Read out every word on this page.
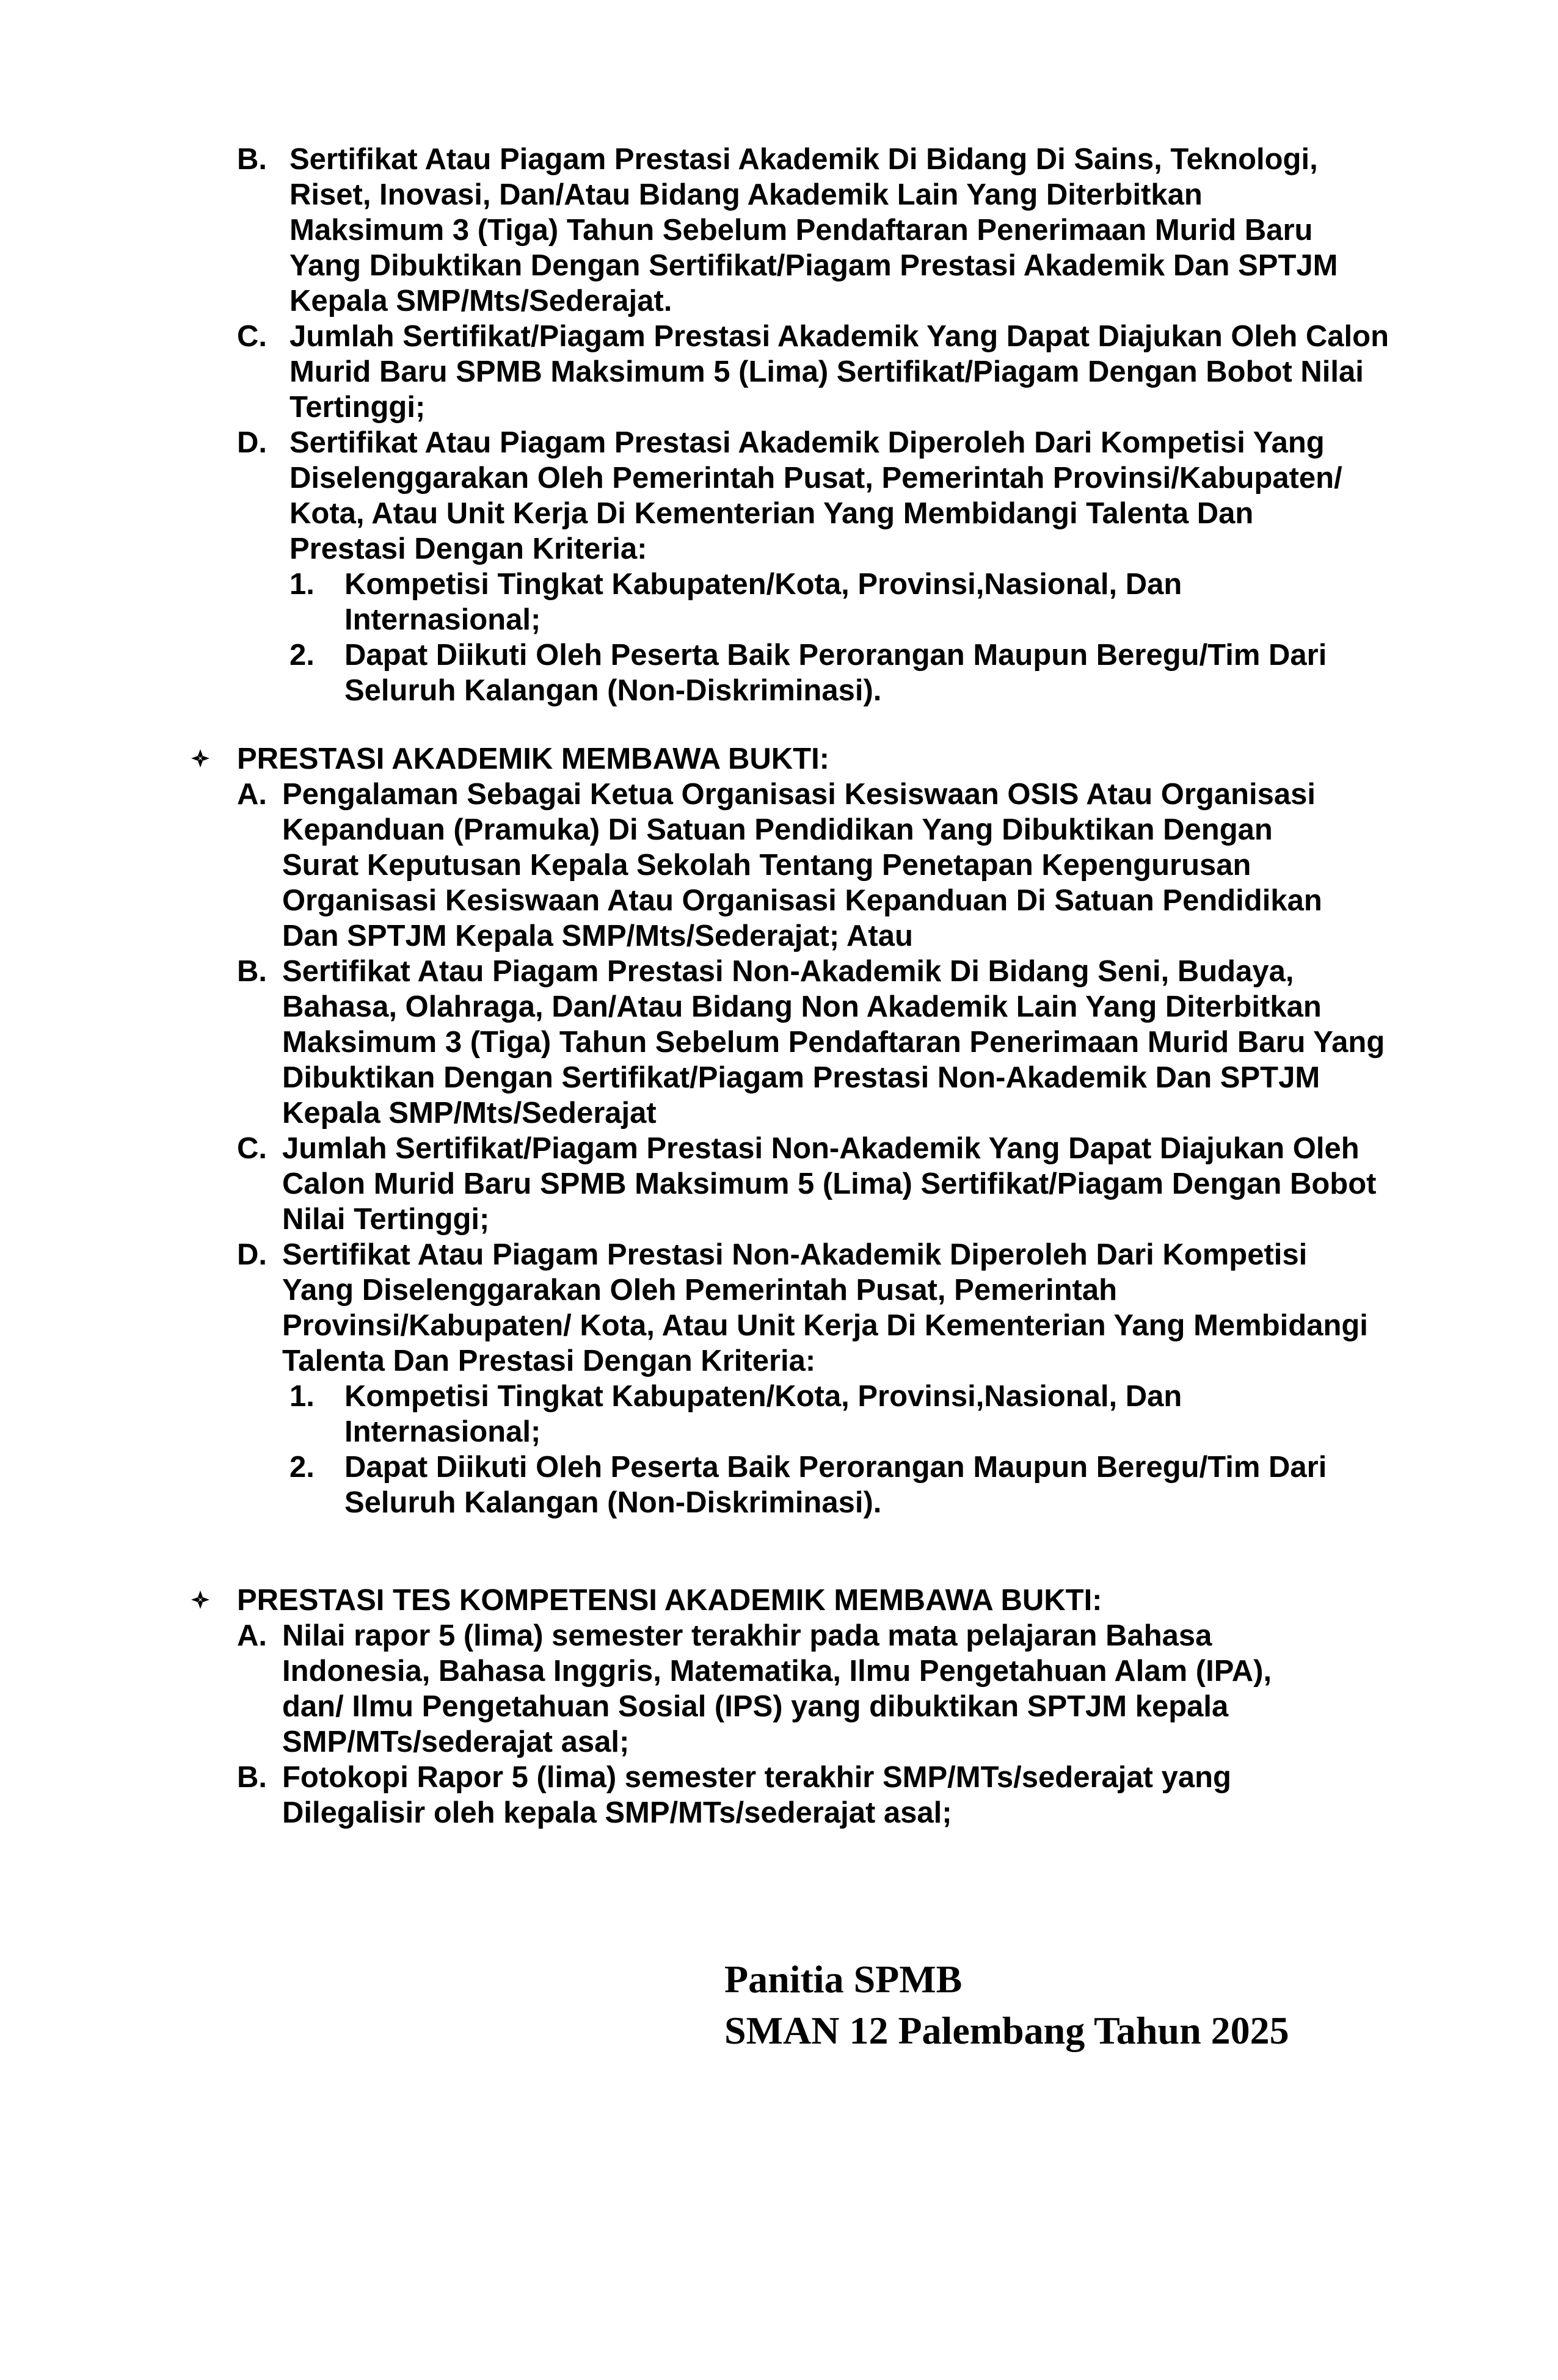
B. Sertifikat Atau Piagam Prestasi Akademik Di Bidang Di Sains, Teknologi, Riset, Inovasi, Dan/Atau Bidang Akademik Lain Yang Diterbitkan Maksimum 3 (Tiga) Tahun Sebelum Pendaftaran Penerimaan Murid Baru Yang Dibuktikan Dengan Sertifikat/Piagam Prestasi Akademik Dan SPTJM Kepala SMP/Mts/Sederajat.
C. Jumlah Sertifikat/Piagam Prestasi Akademik Yang Dapat Diajukan Oleh Calon Murid Baru SPMB Maksimum 5 (Lima) Sertifikat/Piagam Dengan Bobot Nilai Tertinggi;
D. Sertifikat Atau Piagam Prestasi Akademik Diperoleh Dari Kompetisi Yang Diselenggarakan Oleh Pemerintah Pusat, Pemerintah Provinsi/Kabupaten/ Kota, Atau Unit Kerja Di Kementerian Yang Membidangi Talenta Dan Prestasi Dengan Kriteria:
1. Kompetisi Tingkat Kabupaten/Kota, Provinsi,Nasional, Dan Internasional;
2. Dapat Diikuti Oleh Peserta Baik Perorangan Maupun Beregu/Tim Dari Seluruh Kalangan (Non-Diskriminasi).
PRESTASI AKADEMIK MEMBAWA BUKTI:
A. Pengalaman Sebagai Ketua Organisasi Kesiswaan OSIS Atau Organisasi Kepanduan (Pramuka) Di Satuan Pendidikan Yang Dibuktikan Dengan Surat Keputusan Kepala Sekolah Tentang Penetapan Kepengurusan Organisasi Kesiswaan Atau Organisasi Kepanduan Di Satuan Pendidikan Dan SPTJM Kepala SMP/Mts/Sederajat; Atau
B. Sertifikat Atau Piagam Prestasi Non-Akademik Di Bidang Seni, Budaya, Bahasa, Olahraga, Dan/Atau Bidang Non Akademik Lain Yang Diterbitkan Maksimum 3 (Tiga) Tahun Sebelum Pendaftaran Penerimaan Murid Baru Yang Dibuktikan Dengan Sertifikat/Piagam Prestasi Non-Akademik Dan SPTJM Kepala SMP/Mts/Sederajat
C. Jumlah Sertifikat/Piagam Prestasi Non-Akademik Yang Dapat Diajukan Oleh Calon Murid Baru SPMB Maksimum 5 (Lima) Sertifikat/Piagam Dengan Bobot Nilai Tertinggi;
D. Sertifikat Atau Piagam Prestasi Non-Akademik Diperoleh Dari Kompetisi Yang Diselenggarakan Oleh Pemerintah Pusat, Pemerintah Provinsi/Kabupaten/ Kota, Atau Unit Kerja Di Kementerian Yang Membidangi Talenta Dan Prestasi Dengan Kriteria:
1. Kompetisi Tingkat Kabupaten/Kota, Provinsi,Nasional, Dan Internasional;
2. Dapat Diikuti Oleh Peserta Baik Perorangan Maupun Beregu/Tim Dari Seluruh Kalangan (Non-Diskriminasi).
PRESTASI TES KOMPETENSI AKADEMIK MEMBAWA BUKTI:
A. Nilai rapor 5 (lima) semester terakhir pada mata pelajaran Bahasa Indonesia, Bahasa Inggris, Matematika, Ilmu Pengetahuan Alam (IPA), dan/ Ilmu Pengetahuan Sosial (IPS) yang dibuktikan SPTJM kepala SMP/MTs/sederajat asal;
B. Fotokopi Rapor 5 (lima) semester terakhir SMP/MTs/sederajat yang Dilegalisir oleh kepala SMP/MTs/sederajat asal;
Panitia SPMB
SMAN 12 Palembang Tahun 2025
